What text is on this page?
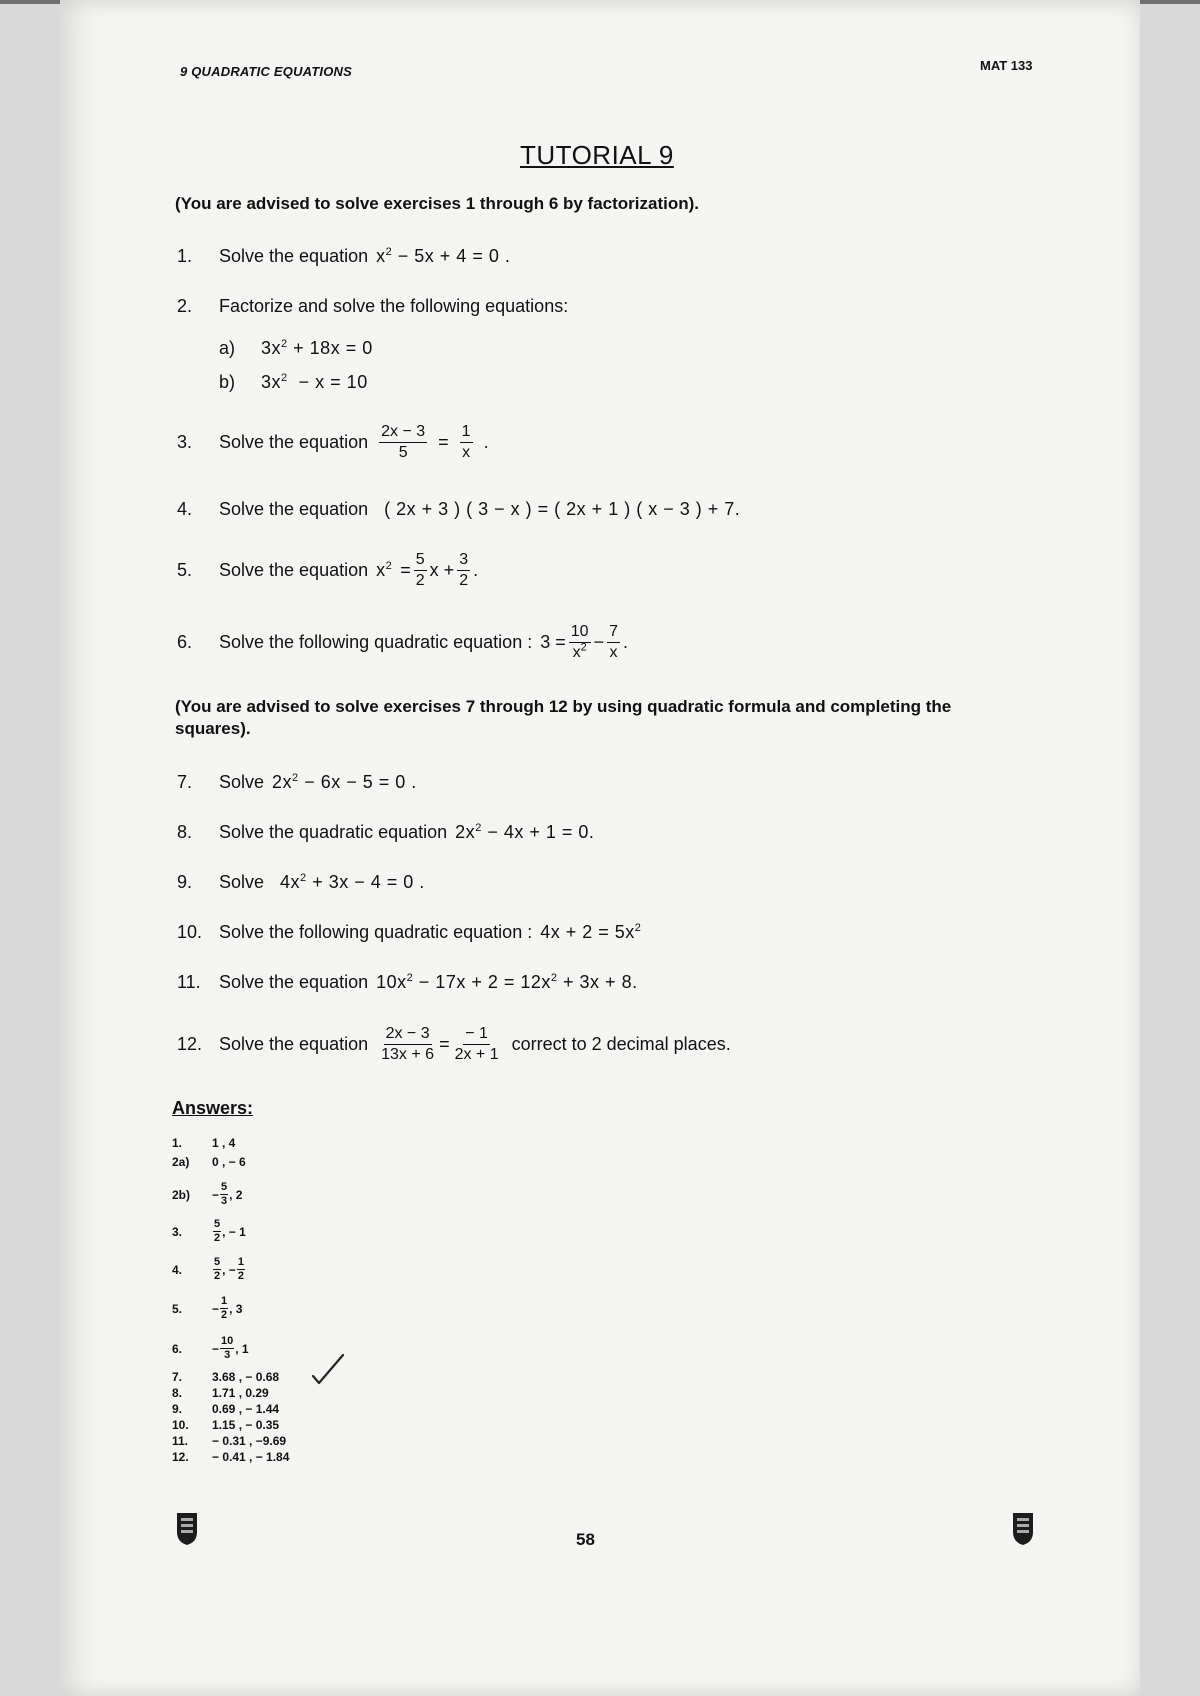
9 QUADRATIC EQUATIONS	MAT 133
TUTORIAL 9
(You are advised to solve exercises 1 through 6 by factorization).
1.	Solve the equation $x^2 - 5x + 4 = 0$ .
2.	Factorize and solve the following equations:
a)	$3x^2 + 18x = 0$
b)	$3x^2 - x = 10$
3.	Solve the equation $\frac{2x - 3}{5} = \frac{1}{x}$ .
4.	Solve the equation ( 2x + 3 ) ( 3 − x ) = ( 2x + 1 ) ( x − 3 ) + 7.
5.	Solve the equation $x^2 = \frac{5}{2}$ $x + \frac{3}{2}$ .
6.	Solve the following quadratic equation : $3 = \frac{10}{x^2} - \frac{7}{x}$ .
(You are advised to solve exercises 7 through 12 by using quadratic formula and completing the squares).
7.	Solve $2x^2 - 6x - 5 = 0$ .
8.	Solve the quadratic equation $2x^2 - 4x + 1 = 0$.
9.	Solve $4x^2 + 3x - 4 = 0$ .
10. Solve the following quadratic equation : $4x + 2 = 5x^2$
11.	Solve the equation $10x^2 - 17x + 2 = 12x^2 + 3x + 8$.
12. Solve the equation $\frac{2x - 3}{13x + 6} = \frac{- 1}{2x + 1}$ correct to 2 decimal places.
Answers:
1.	1 , 4
2a)	0 , − 6
2b)	− $\frac{5}{3}$ , 2
3.	$\frac{5}{2}$ , − 1
4.	$\frac{5}{2}$ , − $\frac{1}{2}$
5.	− $\frac{1}{2}$ , 3
6.	− $\frac{10}{3}$ , 1
7.	3.68 , − 0.68
8.	1.71 , 0.29
9.	0.69 , − 1.44
10.	1.15 , − 0.35
11.	− 0.31 , −9.69
12.	− 0.41 , − 1.84
58
